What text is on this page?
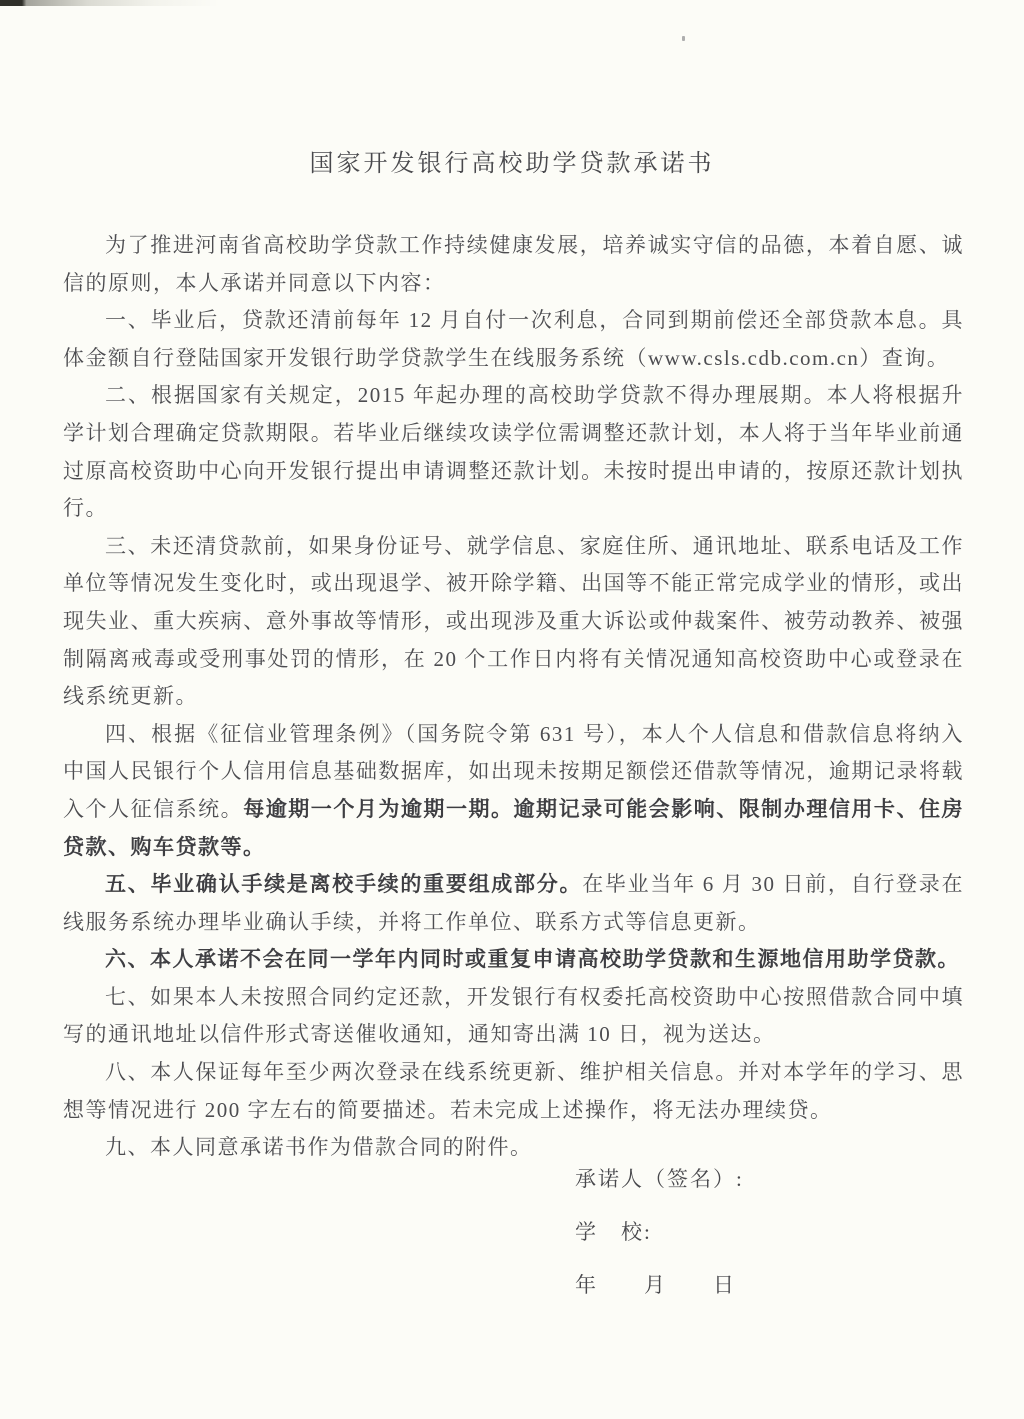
国家开发银行高校助学贷款承诺书

为了推进河南省高校助学贷款工作持续健康发展，培养诚实守信的品德，本着自愿、诚信的原则，本人承诺并同意以下内容：

一、毕业后，贷款还清前每年 12 月自付一次利息，合同到期前偿还全部贷款本息。具体金额自行登陆国家开发银行助学贷款学生在线服务系统（www.csls.cdb.com.cn）查询。

二、根据国家有关规定，2015 年起办理的高校助学贷款不得办理展期。本人将根据升学计划合理确定贷款期限。若毕业后继续攻读学位需调整还款计划，本人将于当年毕业前通过原高校资助中心向开发银行提出申请调整还款计划。未按时提出申请的，按原还款计划执行。

三、未还清贷款前，如果身份证号、就学信息、家庭住所、通讯地址、联系电话及工作单位等情况发生变化时，或出现退学、被开除学籍、出国等不能正常完成学业的情形，或出现失业、重大疾病、意外事故等情形，或出现涉及重大诉讼或仲裁案件、被劳动教养、被强制隔离戒毒或受刑事处罚的情形，在 20 个工作日内将有关情况通知高校资助中心或登录在线系统更新。

四、根据《征信业管理条例》（国务院令第 631 号），本人个人信息和借款信息将纳入中国人民银行个人信用信息基础数据库，如出现未按期足额偿还借款等情况，逾期记录将载入个人征信系统。每逾期一个月为逾期一期。逾期记录可能会影响、限制办理信用卡、住房贷款、购车贷款等。

五、毕业确认手续是离校手续的重要组成部分。在毕业当年 6 月 30 日前，自行登录在线服务系统办理毕业确认手续，并将工作单位、联系方式等信息更新。

六、本人承诺不会在同一学年内同时或重复申请高校助学贷款和生源地信用助学贷款。

七、如果本人未按照合同约定还款，开发银行有权委托高校资助中心按照借款合同中填写的通讯地址以信件形式寄送催收通知，通知寄出满 10 日，视为送达。

八、本人保证每年至少两次登录在线系统更新、维护相关信息。并对本学年的学习、思想等情况进行 200 字左右的简要描述。若未完成上述操作，将无法办理续贷。

九、本人同意承诺书作为借款合同的附件。

承诺人（签名）:
学　校:
年　　月　　日
